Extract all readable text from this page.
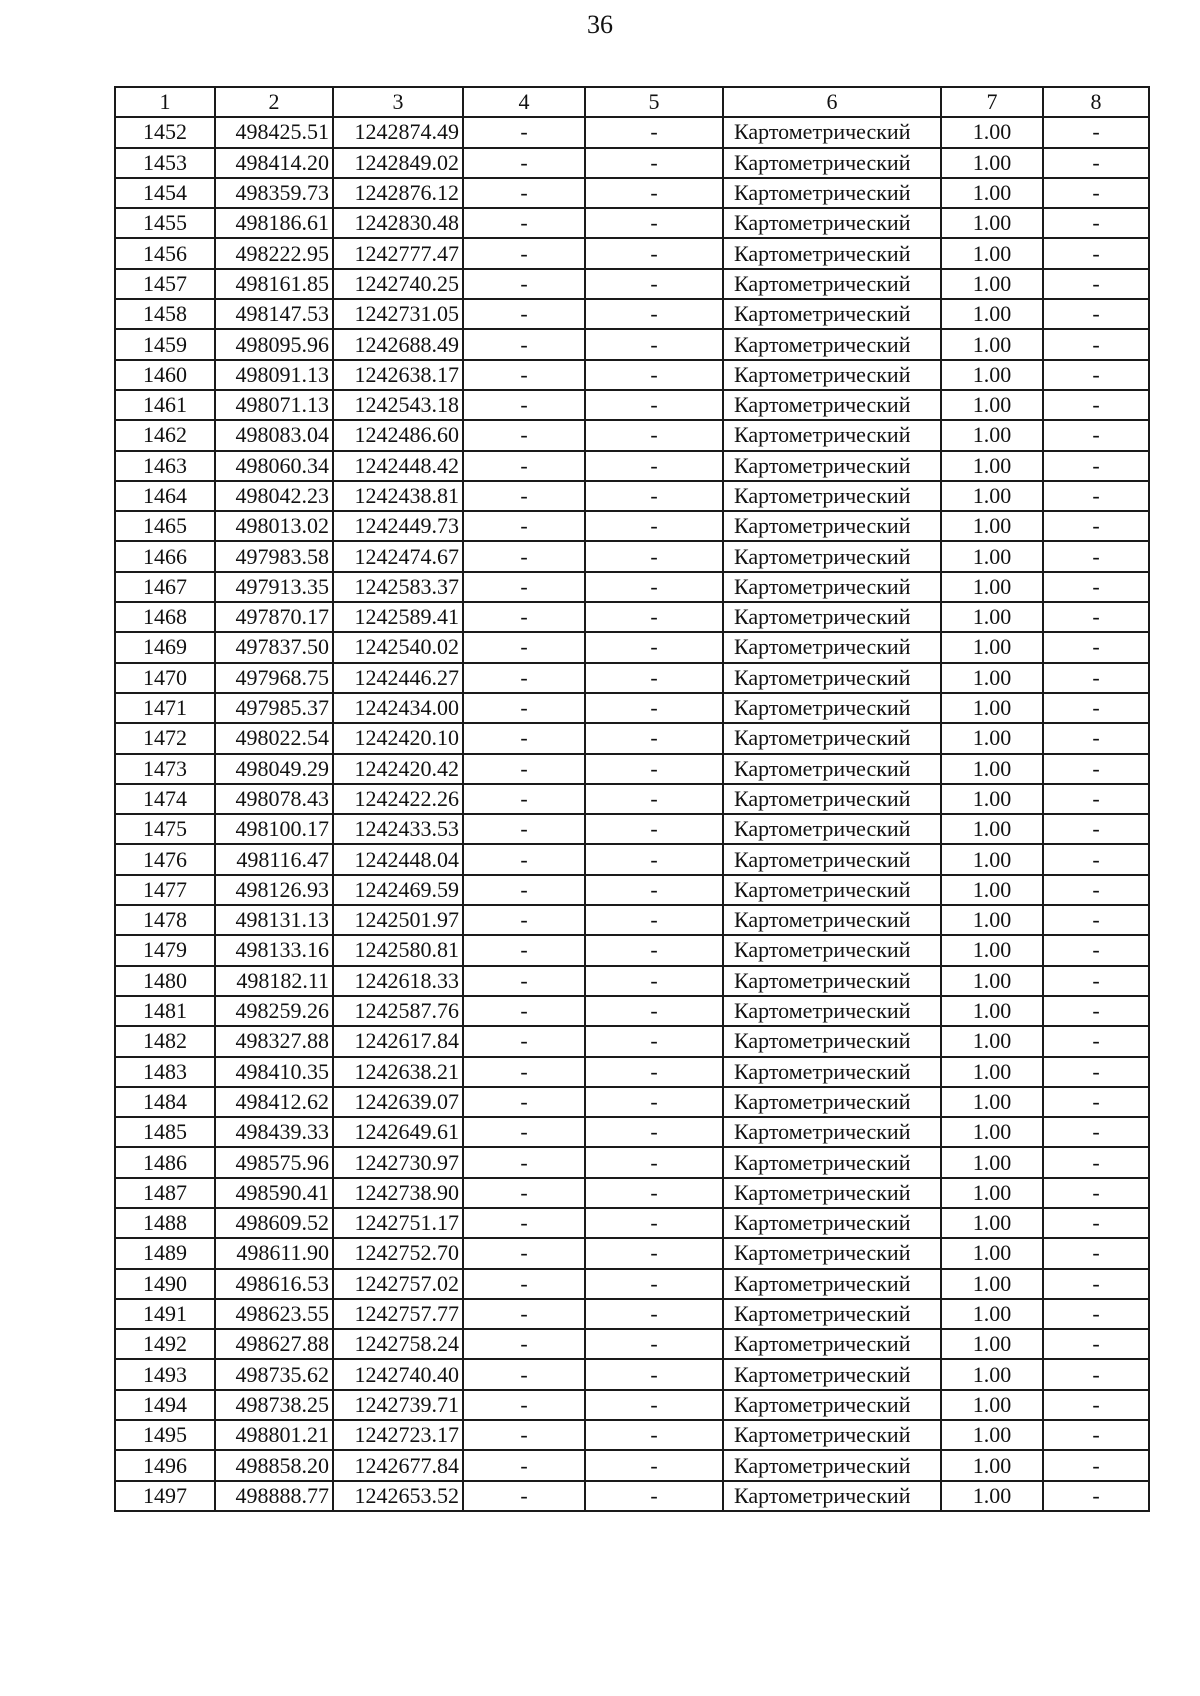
36
1	2	3	4	5	6	7	8
1452	498425.51	1242874.49	-	-	Картометрический	1.00	-
1453	498414.20	1242849.02	-	-	Картометрический	1.00	-
1454	498359.73	1242876.12	-	-	Картометрический	1.00	-
1455	498186.61	1242830.48	-	-	Картометрический	1.00	-
1456	498222.95	1242777.47	-	-	Картометрический	1.00	-
1457	498161.85	1242740.25	-	-	Картометрический	1.00	-
1458	498147.53	1242731.05	-	-	Картометрический	1.00	-
1459	498095.96	1242688.49	-	-	Картометрический	1.00	-
1460	498091.13	1242638.17	-	-	Картометрический	1.00	-
1461	498071.13	1242543.18	-	-	Картометрический	1.00	-
1462	498083.04	1242486.60	-	-	Картометрический	1.00	-
1463	498060.34	1242448.42	-	-	Картометрический	1.00	-
1464	498042.23	1242438.81	-	-	Картометрический	1.00	-
1465	498013.02	1242449.73	-	-	Картометрический	1.00	-
1466	497983.58	1242474.67	-	-	Картометрический	1.00	-
1467	497913.35	1242583.37	-	-	Картометрический	1.00	-
1468	497870.17	1242589.41	-	-	Картометрический	1.00	-
1469	497837.50	1242540.02	-	-	Картометрический	1.00	-
1470	497968.75	1242446.27	-	-	Картометрический	1.00	-
1471	497985.37	1242434.00	-	-	Картометрический	1.00	-
1472	498022.54	1242420.10	-	-	Картометрический	1.00	-
1473	498049.29	1242420.42	-	-	Картометрический	1.00	-
1474	498078.43	1242422.26	-	-	Картометрический	1.00	-
1475	498100.17	1242433.53	-	-	Картометрический	1.00	-
1476	498116.47	1242448.04	-	-	Картометрический	1.00	-
1477	498126.93	1242469.59	-	-	Картометрический	1.00	-
1478	498131.13	1242501.97	-	-	Картометрический	1.00	-
1479	498133.16	1242580.81	-	-	Картометрический	1.00	-
1480	498182.11	1242618.33	-	-	Картометрический	1.00	-
1481	498259.26	1242587.76	-	-	Картометрический	1.00	-
1482	498327.88	1242617.84	-	-	Картометрический	1.00	-
1483	498410.35	1242638.21	-	-	Картометрический	1.00	-
1484	498412.62	1242639.07	-	-	Картометрический	1.00	-
1485	498439.33	1242649.61	-	-	Картометрический	1.00	-
1486	498575.96	1242730.97	-	-	Картометрический	1.00	-
1487	498590.41	1242738.90	-	-	Картометрический	1.00	-
1488	498609.52	1242751.17	-	-	Картометрический	1.00	-
1489	498611.90	1242752.70	-	-	Картометрический	1.00	-
1490	498616.53	1242757.02	-	-	Картометрический	1.00	-
1491	498623.55	1242757.77	-	-	Картометрический	1.00	-
1492	498627.88	1242758.24	-	-	Картометрический	1.00	-
1493	498735.62	1242740.40	-	-	Картометрический	1.00	-
1494	498738.25	1242739.71	-	-	Картометрический	1.00	-
1495	498801.21	1242723.17	-	-	Картометрический	1.00	-
1496	498858.20	1242677.84	-	-	Картометрический	1.00	-
1497	498888.77	1242653.52	-	-	Картометрический	1.00	-
